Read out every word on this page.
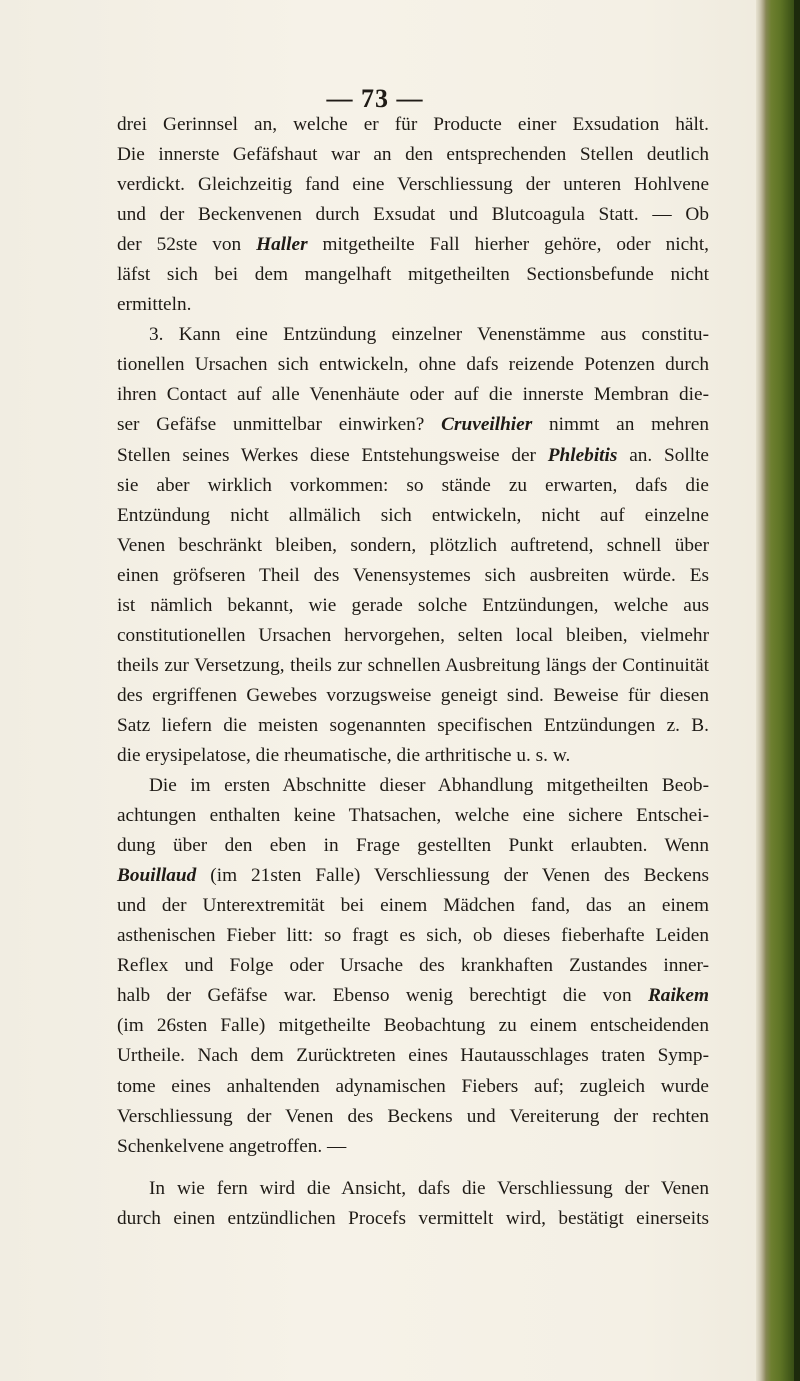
— 73 —
drei Gerinnsel an, welche er für Producte einer Exsudation hält.
Die innerste Gefäfshaut war an den entsprechenden Stellen deutlich
verdickt. Gleichzeitig fand eine Verschliessung der unteren Hohlvene
und der Beckenvenen durch Exsudat und Blutcoagula Statt. — Ob
der 52ste von Haller mitgetheilte Fall hierher gehöre, oder nicht,
läfst sich bei dem mangelhaft mitgetheilten Sectionsbefunde nicht
ermitteln.
3. Kann eine Entzündung einzelner Venenstämme aus constitu-
tionellen Ursachen sich entwickeln, ohne dafs reizende Potenzen durch
ihren Contact auf alle Venenhäute oder auf die innerste Membran die-
ser Gefäfse unmittelbar einwirken? Cruveilhier nimmt an mehren
Stellen seines Werkes diese Entstehungsweise der Phlebitis an. Sollte
sie aber wirklich vorkommen: so stände zu erwarten, dafs die
Entzündung nicht allmälich sich entwickeln, nicht auf einzelne
Venen beschränkt bleiben, sondern, plötzlich auftretend, schnell über
einen gröfseren Theil des Venensystemes sich ausbreiten würde. Es
ist nämlich bekannt, wie gerade solche Entzündungen, welche aus
constitutionellen Ursachen hervorgehen, selten local bleiben, vielmehr
theils zur Versetzung, theils zur schnellen Ausbreitung längs der Continuität
des ergriffenen Gewebes vorzugsweise geneigt sind. Beweise für diesen
Satz liefern die meisten sogenannten specifischen Entzündungen z. B.
die erysipelatose, die rheumatische, die arthritische u. s. w.
Die im ersten Abschnitte dieser Abhandlung mitgetheilten Beob-
achtungen enthalten keine Thatsachen, welche eine sichere Entschei-
dung über den eben in Frage gestellten Punkt erlaubten. Wenn
Bouillaud (im 21sten Falle) Verschliessung der Venen des Beckens
und der Unterextremität bei einem Mädchen fand, das an einem
asthenischen Fieber litt: so fragt es sich, ob dieses fieberhafte Leiden
Reflex und Folge oder Ursache des krankhaften Zustandes inner-
halb der Gefäfse war. Ebenso wenig berechtigt die von Raikem
(im 26sten Falle) mitgetheilte Beobachtung zu einem entscheidenden
Urtheile. Nach dem Zurücktreten eines Hautausschlages traten Symp-
tome eines anhaltenden adynamischen Fiebers auf; zugleich wurde
Verschliessung der Venen des Beckens und Vereiterung der rechten
Schenkelvene angetroffen. —
In wie fern wird die Ansicht, dafs die Verschliessung der Venen
durch einen entzündlichen Procefs vermittelt wird, bestätigt einerseits
